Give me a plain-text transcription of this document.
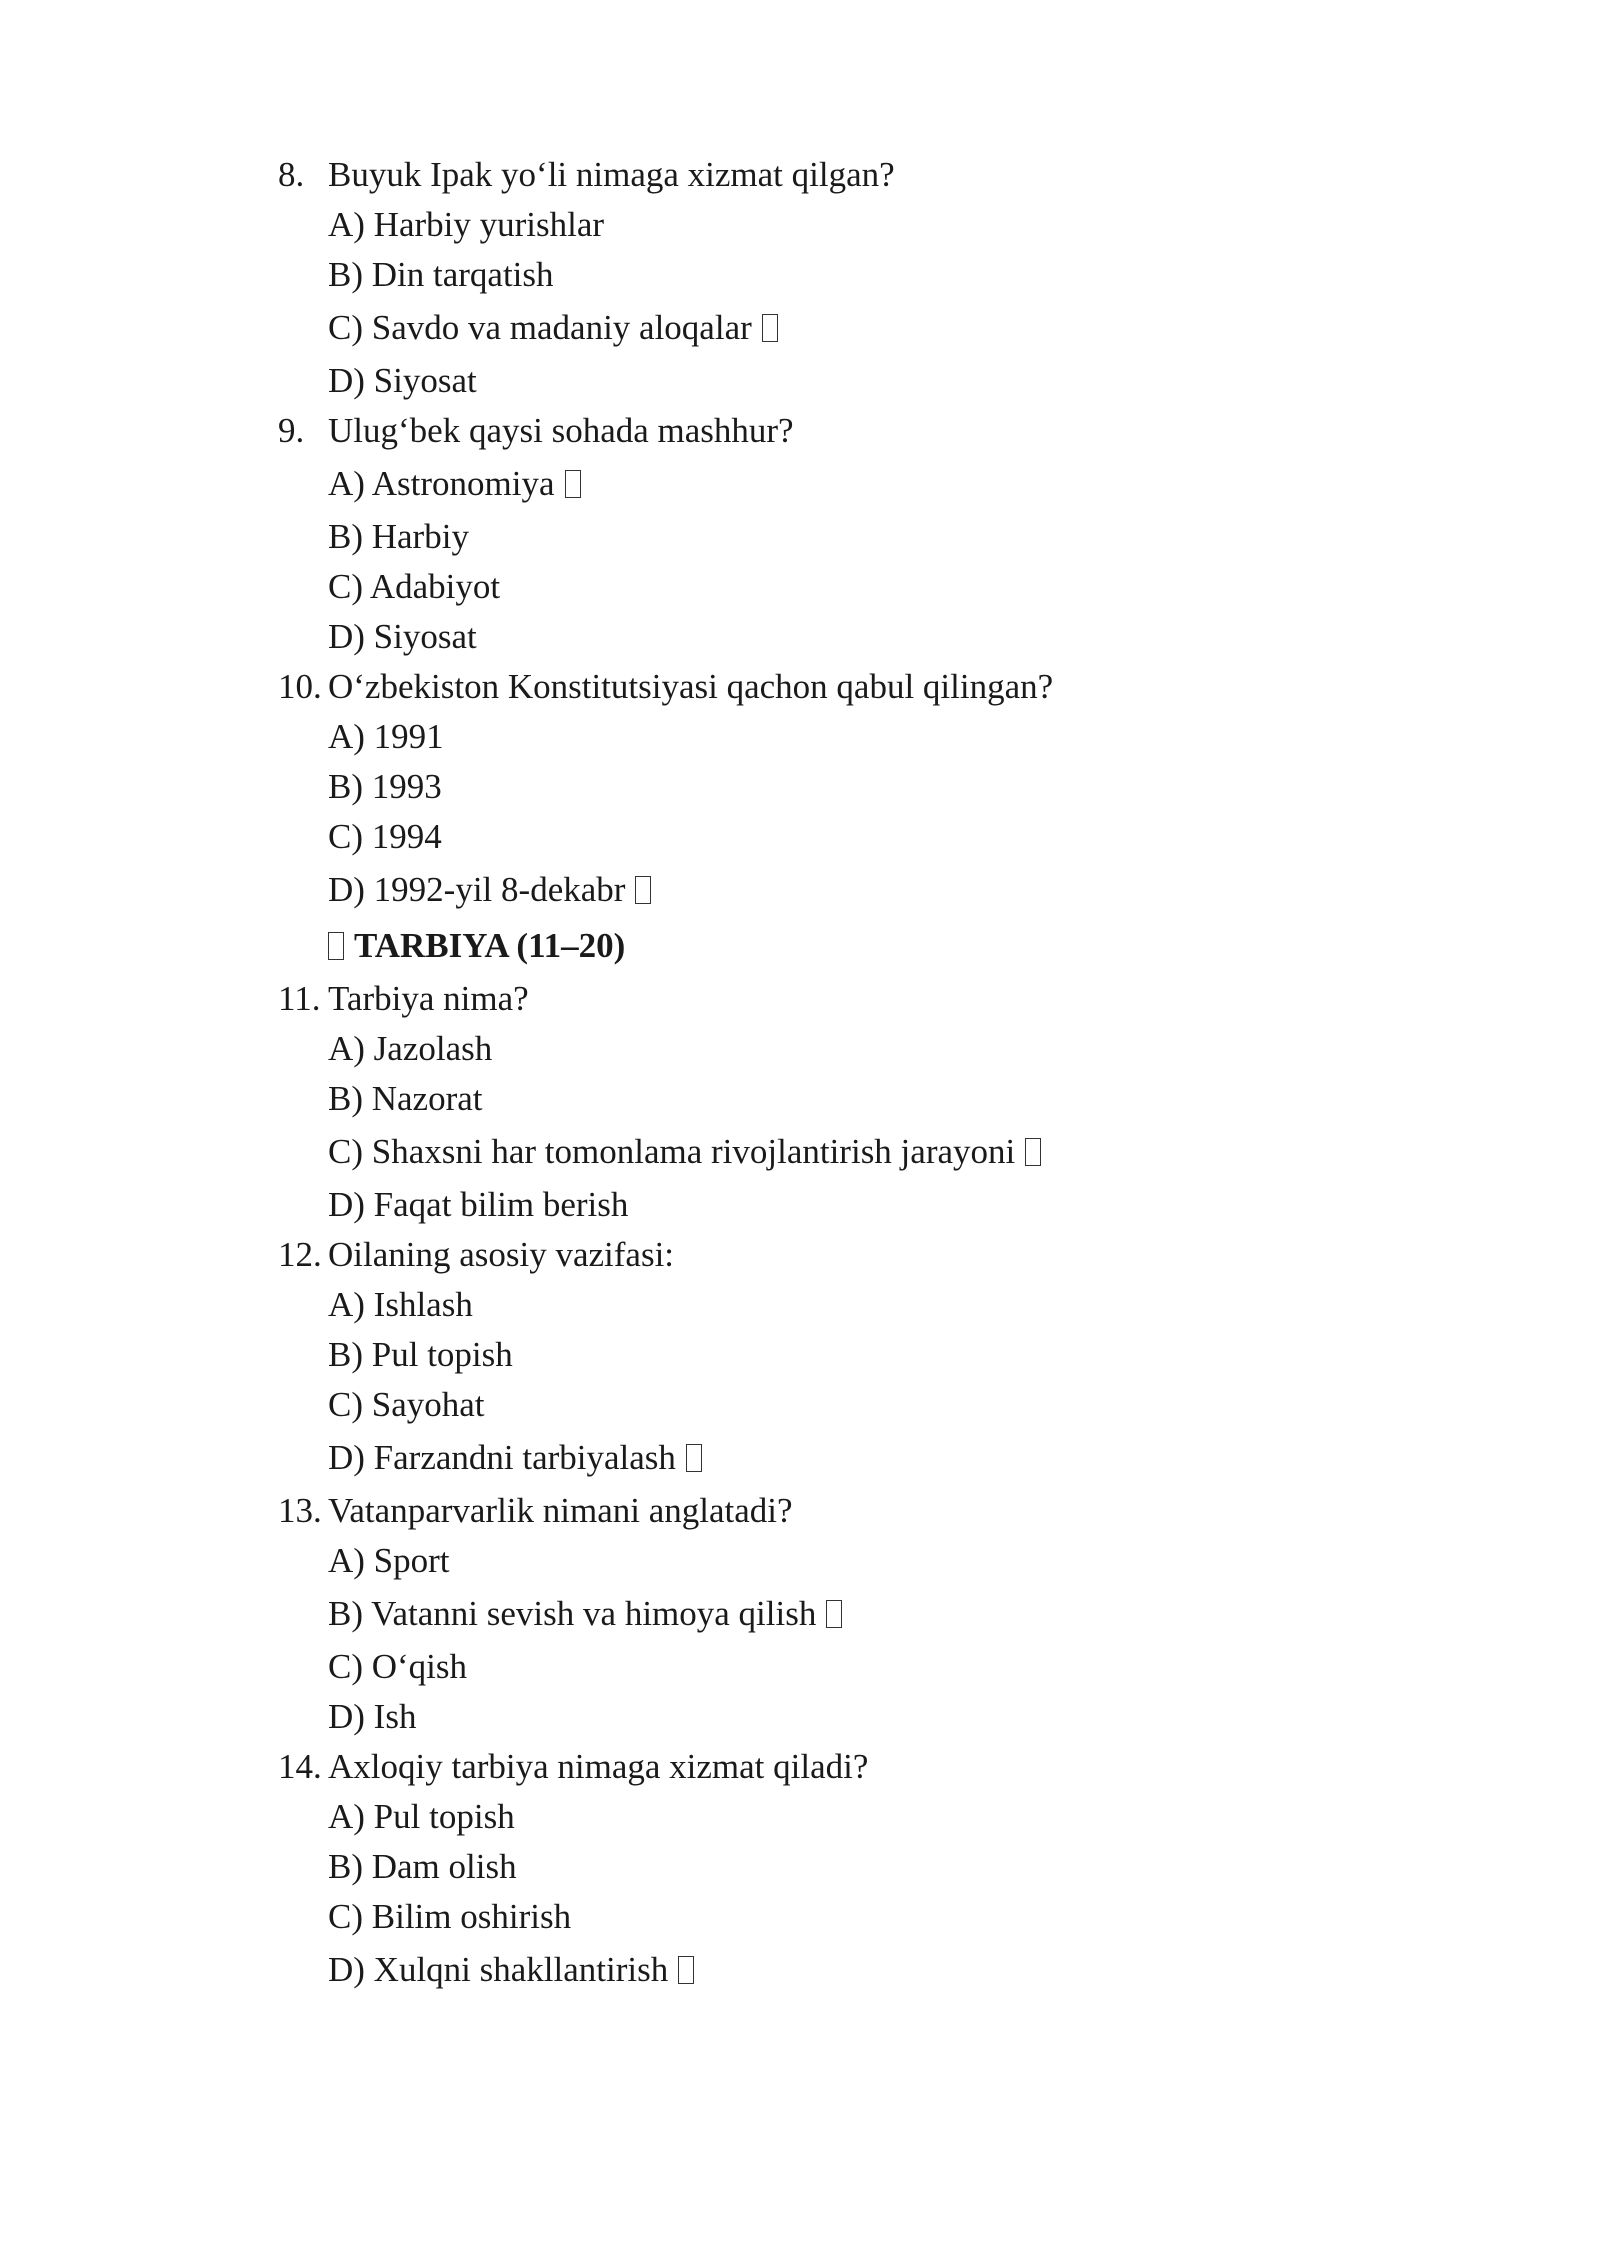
8. Buyuk Ipak yo‘li nimaga xizmat qilgan?
A) Harbiy yurishlar
B) Din tarqatish
C) Savdo va madaniy aloqalar
D) Siyosat
9. Ulug‘bek qaysi sohada mashhur?
A) Astronomiya
B) Harbiy
C) Adabiyot
D) Siyosat
10. O‘zbekiston Konstitutsiyasi qachon qabul qilingan?
A) 1991
B) 1993
C) 1994
D) 1992-yil 8-dekabr
TARBIYA (11–20)
11. Tarbiya nima?
A) Jazolash
B) Nazorat
C) Shaxsni har tomonlama rivojlantirish jarayoni
D) Faqat bilim berish
12. Oilaning asosiy vazifasi:
A) Ishlash
B) Pul topish
C) Sayohat
D) Farzandni tarbiyalash
13. Vatanparvarlik nimani anglatadi?
A) Sport
B) Vatanni sevish va himoya qilish
C) O‘qish
D) Ish
14. Axloqiy tarbiya nimaga xizmat qiladi?
A) Pul topish
B) Dam olish
C) Bilim oshirish
D) Xulqni shakllantirish
